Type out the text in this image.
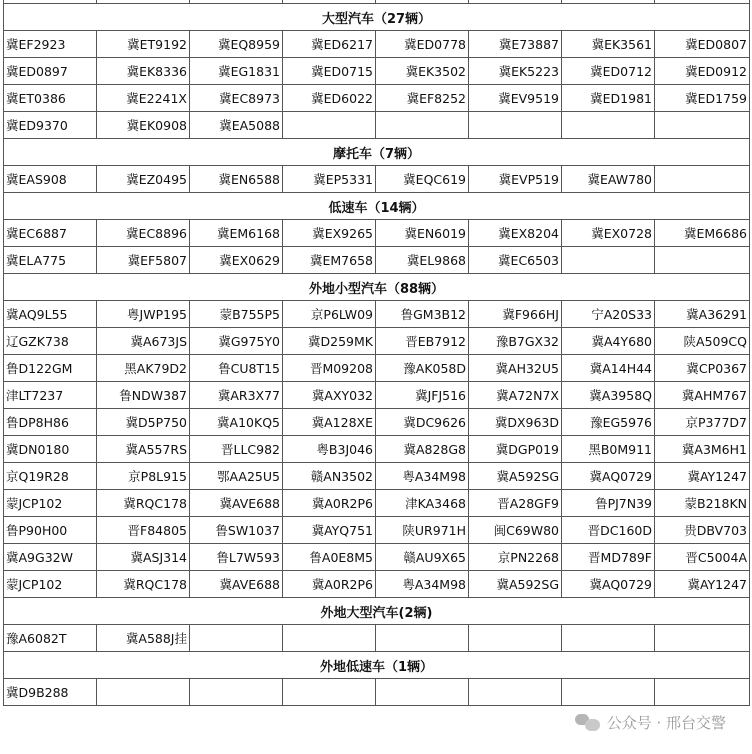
大型汽车（27辆）							
冀EF2923	冀ET9192	冀EQ8959	冀ED6217	冀ED0778	冀E73887	冀EK3561	冀ED0807
冀ED0897	冀EK8336	冀EG1831	冀ED0715	冀EK3502	冀EK5223	冀ED0712	冀ED0912
冀ET0386	冀E2241X	冀EC8973	冀ED6022	冀EF8252	冀EV9519	冀ED1981	冀ED1759
冀ED9370	冀EK0908	冀EA5088					
摩托车（7辆）							
冀EAS908	冀EZ0495	冀EN6588	冀EP5331	冀EQC619	冀EVP519	冀EAW780	
低速车（14辆）							
冀EC6887	冀EC8896	冀EM6168	冀EX9265	冀EN6019	冀EX8204	冀EX0728	冀EM6686
冀ELA775	冀EF5807	冀EX0629	冀EM7658	冀EL9868	冀EC6503		
外地小型汽车（88辆）							
冀AQ9L55	粤JWP195	蒙B755P5	京P6LW09	鲁GM3B12	冀F966HJ	宁A20S33	冀A36291
辽GZK738	冀A673JS	冀G975Y0	冀D259MK	晋EB7912	豫B7GX32	冀A4Y680	陕A509CQ
鲁D122GM	黑AK79D2	鲁CU8T15	晋M09208	豫AK058D	冀AH32U5	冀A14H44	冀CP0367
津LT7237	鲁NDW387	冀AR3X77	冀AXY032	冀JFJ516	冀A72N7X	冀A3958Q	冀AHM767
鲁DP8H86	冀D5P750	冀A10KQ5	冀A128XE	冀DC9626	冀DX963D	豫EG5976	京P377D7
冀DN0180	冀A557RS	晋LLC982	粤B3J046	冀A828G8	冀DGP019	黑B0M911	冀A3M6H1
京Q19R28	京P8L915	鄂AA25U5	赣AN3502	粤A34M98	冀A592SG	冀AQ0729	冀AY1247
蒙JCP102	冀RQC178	冀AVE688	冀A0R2P6	津KA3468	晋A28GF9	鲁PJ7N39	蒙B218KN
鲁P90H00	晋F84805	鲁SW1037	冀AYQ751	陕UR971H	闽C69W80	晋DC160D	贵DBV703
冀A9G32W	冀ASJ314	鲁L7W593	鲁A0E8M5	赣AU9X65	京PN2268	晋MD789F	晋C5004A
蒙JCP102	冀RQC178	冀AVE688	冀A0R2P6	粤A34M98	冀A592SG	冀AQ0729	冀AY1247
外地大型汽车(2辆)							
豫A6082T	冀A588J挂						
外地低速车（1辆）							
冀D9B288							
公众号 · 邢台交警
